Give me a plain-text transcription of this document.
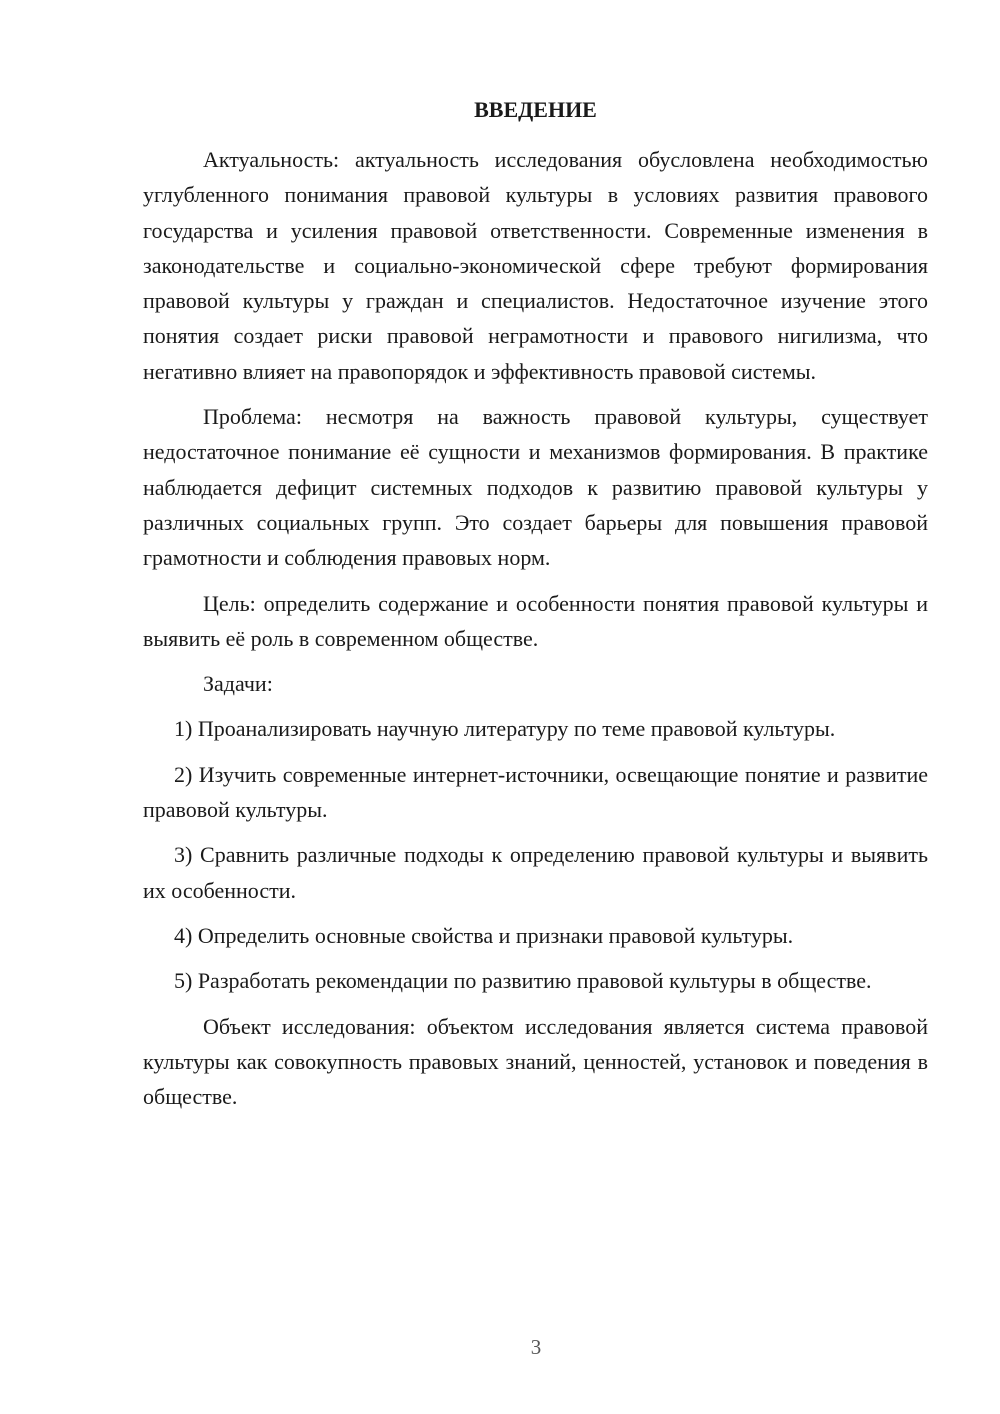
ВВЕДЕНИЕ

Актуальность: актуальность исследования обусловлена необходимостью углубленного понимания правовой культуры в условиях развития правового государства и усиления правовой ответственности. Современные изменения в законодательстве и социально-экономической сфере требуют формирования правовой культуры у граждан и специалистов. Недостаточное изучение этого понятия создает риски правовой неграмотности и правового нигилизма, что негативно влияет на правопорядок и эффективность правовой системы.

Проблема: несмотря на важность правовой культуры, существует недостаточное понимание её сущности и механизмов формирования. В практике наблюдается дефицит системных подходов к развитию правовой культуры у различных социальных групп. Это создает барьеры для повышения правовой грамотности и соблюдения правовых норм.

Цель: определить содержание и особенности понятия правовой культуры и выявить её роль в современном обществе.

Задачи:

1) Проанализировать научную литературу по теме правовой культуры.

2) Изучить современные интернет-источники, освещающие понятие и развитие правовой культуры.

3) Сравнить различные подходы к определению правовой культуры и выявить их особенности.

4) Определить основные свойства и признаки правовой культуры.

5) Разработать рекомендации по развитию правовой культуры в обществе.

Объект исследования: объектом исследования является система правовой культуры как совокупность правовых знаний, ценностей, установок и поведения в обществе.

3
